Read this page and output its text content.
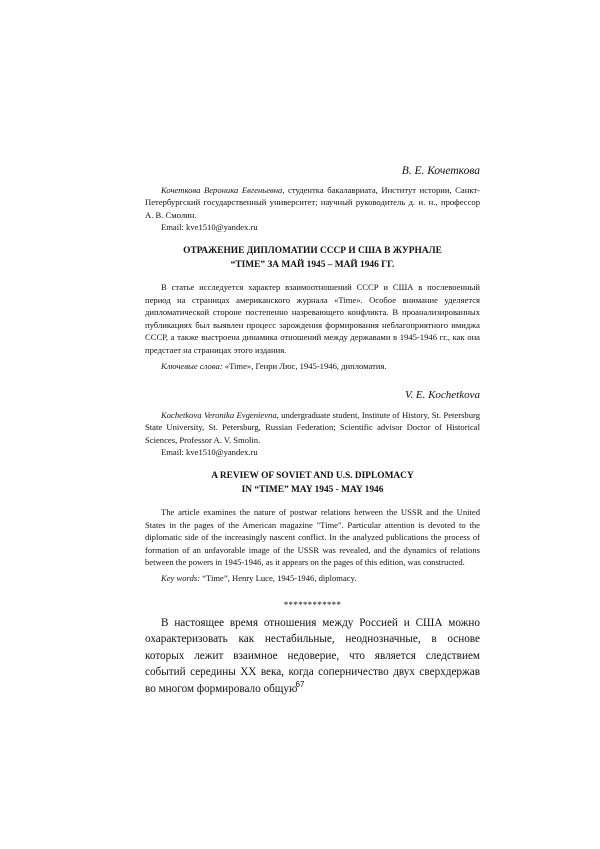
В. Е. Кочеткова

Кочеткова Вероника Евгеньевна, студентка бакалавриата, Институт истории, Санкт-Петербургский государственный университет; научный руководитель д. и. н., профессор А. В. Смолин.

Email: kve1510@yandex.ru

ОТРАЖЕНИЕ ДИПЛОМАТИИ СССР И США В ЖУРНАЛЕ
“TIME” ЗА МАЙ 1945 – МАЙ 1946 ГГ.

В статье исследуется характер взаимоотношений СССР и США в послевоенный период на страницах американского журнала «Time». Особое внимание уделяется дипломатической стороне постепенно назревающего конфликта. В проанализированных публикациях был выявлен процесс зарождения формирования неблагоприятного имиджа СССР, а также выстроена динамика отношений между державами в 1945-1946 гг., как она предстает на страницах этого издания.

Ключевые слова: «Time», Генри Люс, 1945-1946, дипломатия.

V. E. Kochetkova

Kochetkova Veronika Evgenievna, undergraduate student, Institute of History, St. Petersburg State University, St. Petersburg, Russian Federation; Scientific advisor Doctor of Historical Sciences, Professor A. V. Smolin.

Email: kve1510@yandex.ru

A REVIEW OF SOVIET AND U.S. DIPLOMACY
IN “TIME” MAY 1945 - MAY 1946

The article examines the nature of postwar relations between the USSR and the United States in the pages of the American magazine "Time". Particular attention is devoted to the diplomatic side of the increasingly nascent conflict. In the analyzed publications the process of formation of an unfavorable image of the USSR was revealed, and the dynamics of relations between the powers in 1945-1946, as it appears on the pages of this edition, was constructed.

Key words: “Time”, Henry Luce, 1945-1946, diplomacy.

************

В настоящее время отношения между Россией и США можно охарактеризовать как нестабильные, неоднозначные, в основе которых лежит взаимное недоверие, что является следствием событий середины XX века, когда соперничество двух сверхдержав во многом формировало общую

67
